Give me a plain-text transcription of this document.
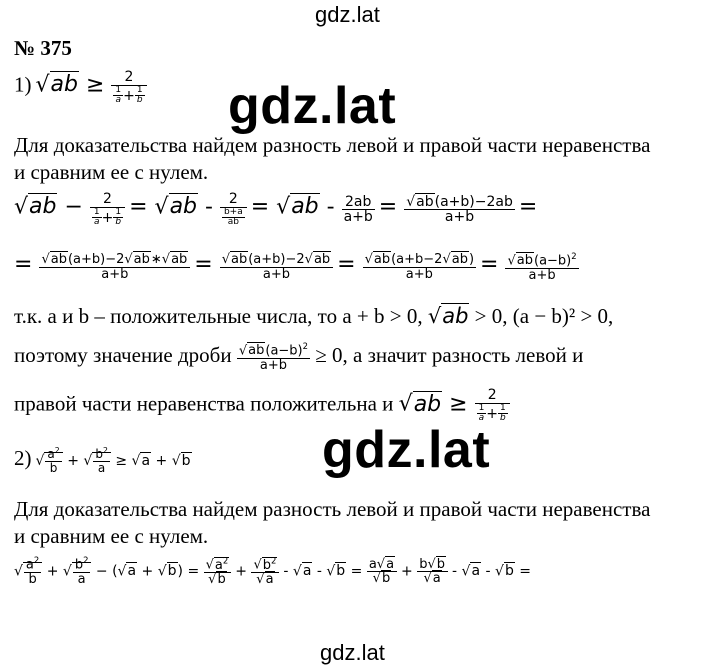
gdz.lat
№ 375
1) $√ab \ge \frac{2}{\frac{1}{a} + \frac{1}{b}} gdz.lat$
Для доказательства найдем разность левой и правой части неравенства
и сравним ее с нулем.
$√ab - \frac{2}{\frac{1}{a} + \frac{1}{b}} = √ab - \frac{2}{\frac{b+a}{ab}} = √ab - \frac{2ab}{a+b} = \frac{√ab(a+b)-2ab}{a+b}$ =
= $\frac{√ab(a+b)-2√ab∗√ab}{a+b} = \frac{√ab(a+b)-2√ab}{a+b} = \frac{√ab(a+b-2√ab)}{a+b} = \frac{√ab(a-b)^2}{a+b}$
т.к. a и b – положительные числа, то a + b > 0, √ab > 0, (a − b)² > 0,
поэтому значение дроби $\frac{√ab(a-b)^2}{a+b} \ge 0$, а значит разность левой и
правой части неравенства положительна и $√ab \ge \frac{2}{\frac{1}{a} + \frac{1}{b}}$
gdz.lat
2) √ $\frac{a^2}{b}$ + √ $\frac{b^2}{a} \ge √a + √b$
Для доказательства найдем разность левой и правой части неравенства
и сравним ее с нулем.
√ $\frac{a^2}{b}$ + √ $\frac{b^2}{a} - (√a + √b) = \frac{√a^2}{√b} + \frac{√b^2}{√a} - √a - √b = \frac{a√a}{√b} + \frac{b√b}{√a} - √a - √b$ =
gdz.lat
